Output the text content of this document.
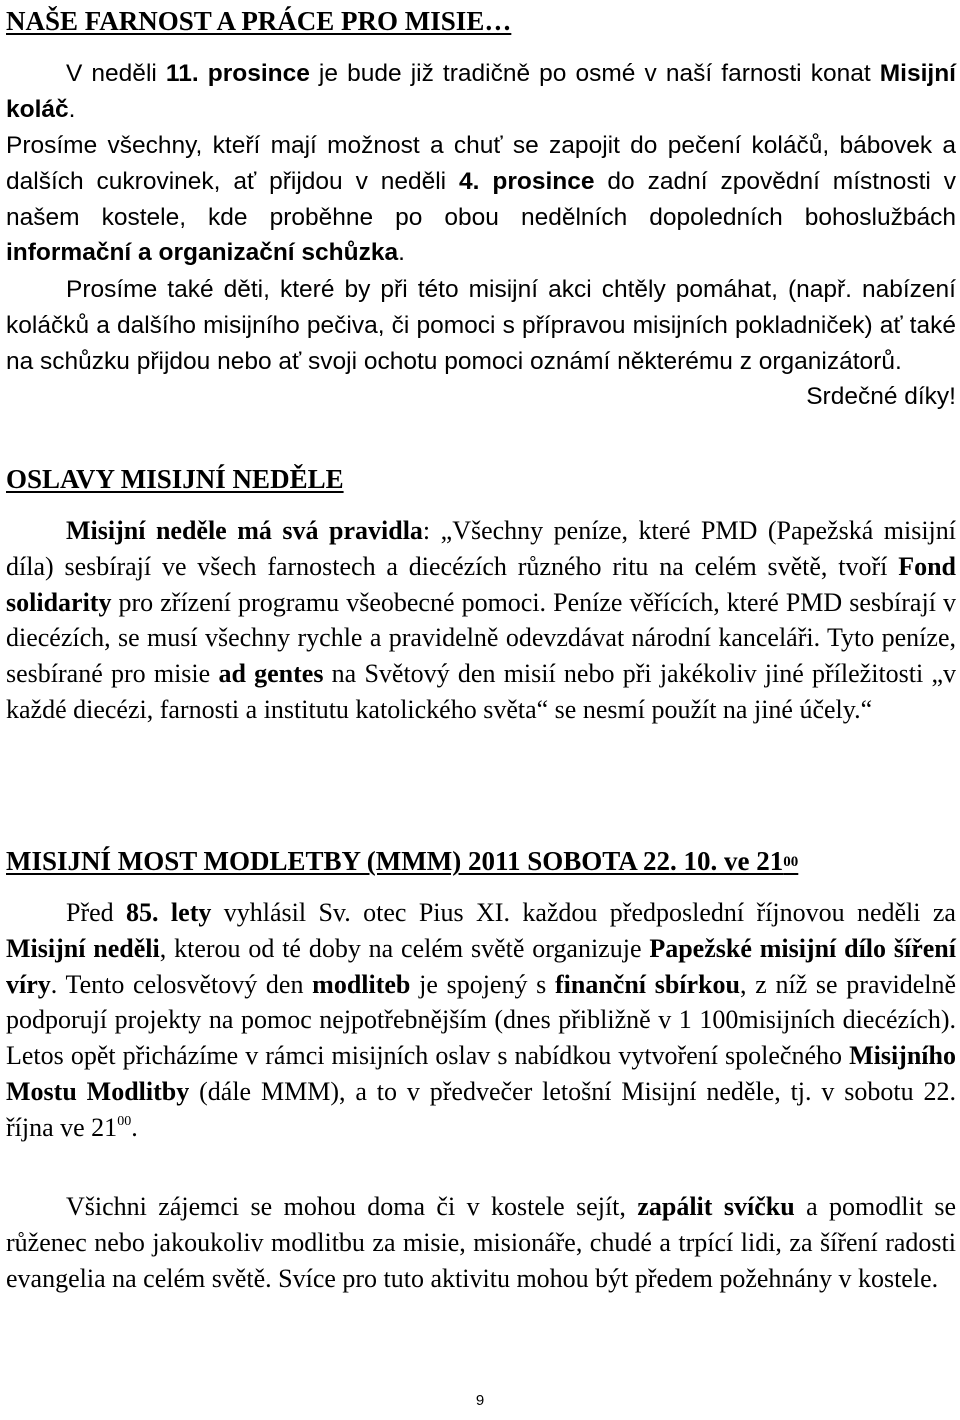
NAŠE FARNOST A PRÁCE PRO MISIE…

V neděli 11. prosince je bude již tradičně po osmé v naší farnosti konat Misijní koláč.

Prosíme všechny, kteří mají možnost a chuť se zapojit do pečení koláčů, bábovek a dalších cukrovinek, ať přijdou v neděli 4. prosince do zadní zpovědní místnosti v našem kostele, kde proběhne po obou nedělních dopoledních bohoslužbách informační a organizační schůzka.

Prosíme také děti, které by při této misijní akci chtěly pomáhat, (např. nabízení koláčků a dalšího misijního pečiva, či pomoci s přípravou misijních pokladniček) ať také na schůzku přijdou nebo ať svoji ochotu pomoci oznámí některému z organizátorů.
Srdečné díky!

OSLAVY MISIJNÍ NEDĚLE

Misijní neděle má svá pravidla: „Všechny peníze, které PMD (Papežská misijní díla) sesbírají ve všech farnostech a diecézích různého ritu na celém světě, tvoří Fond solidarity pro zřízení programu všeobecné pomoci. Peníze věřících, které PMD sesbírají v diecézích, se musí všechny rychle a pravidelně odevzdávat národní kanceláři. Tyto peníze, sesbírané pro misie ad gentes na Světový den misií nebo při jakékoliv jiné příležitosti „v každé diecézi, farnosti a institutu katolického světa“ se nesmí použít na jiné účely.“

MISIJNÍ MOST MODLETBY (MMM) 2011 SOBOTA 22. 10. ve $21^{00}$

Před 85. lety vyhlásil Sv. otec Pius XI. každou předposlední říjnovou neděli za Misijní neděli, kterou od té doby na celém světě organizuje Papežské misijní dílo šíření víry. Tento celosvětový den modliteb je spojený s finanční sbírkou, z níž se pravidelně podporují projekty na pomoc nejpotřebnějším (dnes přibližně v 1 100misijních diecézích). Letos opět přicházíme v rámci misijních oslav s nabídkou vytvoření společného Misijního Mostu Modlitby (dále MMM), a to v předvečer letošní Misijní neděle, tj. v sobotu 22. října ve $21^{00}$.

Všichni zájemci se mohou doma či v kostele sejít, zapálit svíčku a pomodlit se růženec nebo jakoukoliv modlitbu za misie, misionáře, chudé a trpící lidi, za šíření radosti evangelia na celém světě. Svíce pro tuto aktivitu mohou být předem požehnány v kostele.

9
